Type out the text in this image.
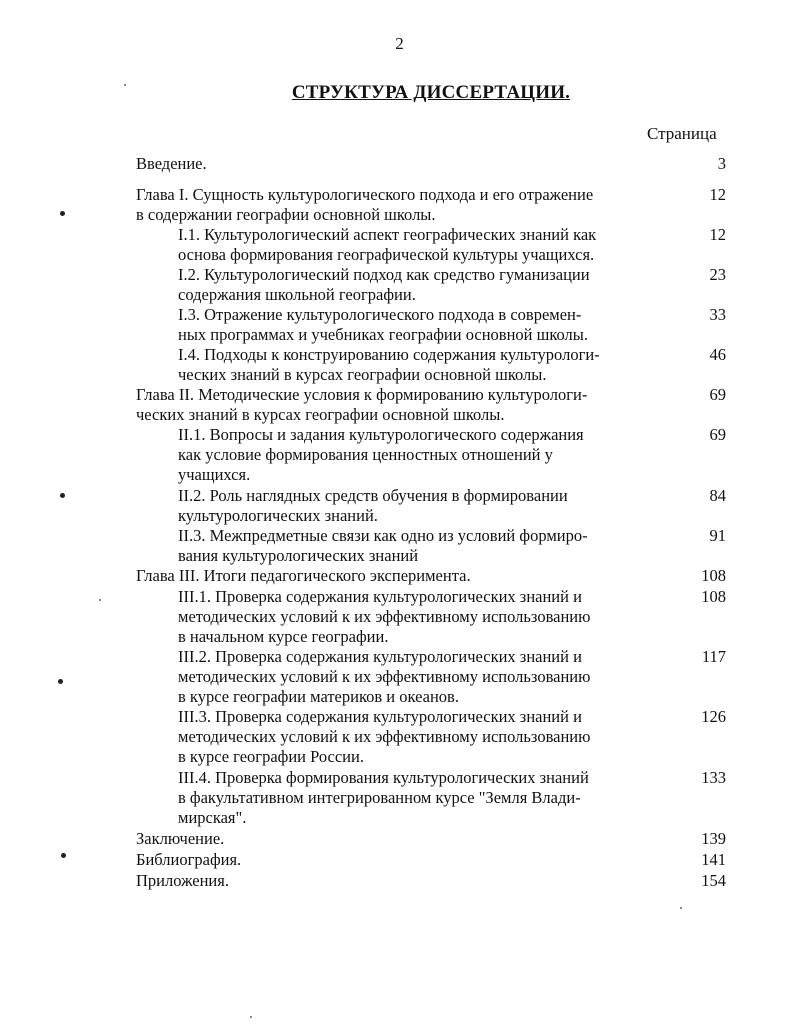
2
СТРУКТУРА ДИССЕРТАЦИИ.
Страница
Введение.	3
Глава I. Сущность культурологического подхода и его отражение
в содержании географии основной школы.
12
I.1. Культурологический аспект географических знаний как
основа формирования географической культуры учащихся.
12
I.2. Культурологический подход как средство гуманизации
содержания школьной географии.
23
I.3. Отражение культурологического подхода в современ-
ных программах и учебниках географии основной школы.
33
I.4. Подходы к конструированию содержания культурологи-
ческих знаний в курсах географии основной школы.
46
Глава II. Методические условия к формированию культурологи-
ческих знаний в курсах географии основной школы.
69
II.1. Вопросы и задания культурологического содержания
как условие формирования ценностных отношений у
учащихся.
69
II.2. Роль наглядных средств обучения в формировании
культурологических знаний.
84
II.3. Межпредметные связи как одно из условий формиро-
вания культурологических знаний
91
Глава III. Итоги педагогического эксперимента.	108
III.1. Проверка содержания культурологических знаний и
методических условий к их эффективному использованию
в начальном курсе географии.
108
III.2. Проверка содержания культурологических знаний и
методических условий к их эффективному использованию
в курсе географии материков и океанов.
117
III.3. Проверка содержания культурологических знаний и
методических условий к их эффективному использованию
в курсе географии России.
126
III.4. Проверка формирования культурологических знаний
в факультативном интегрированном курсе "Земля Влади-
мирская".
133
Заключение.	139
Библиография.	141
Приложения.	154
